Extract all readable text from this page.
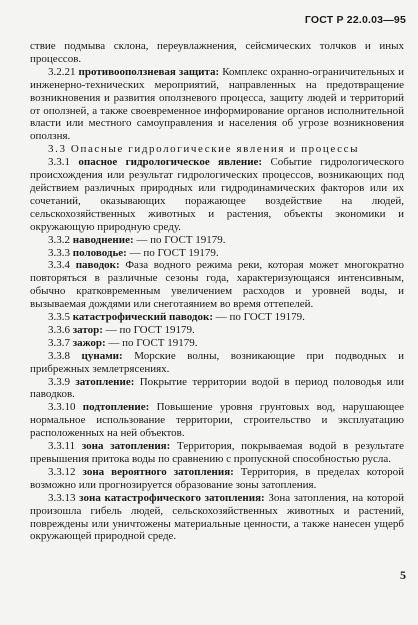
ГОСТ Р 22.0.03—95

ствие подмыва склона, переувлажнения, сейсмических толчков и иных процессов.

3.2.21 противооползневая защита: Комплекс охранно-ограничительных и инженерно-технических мероприятий, направленных на предотвращение возникновения и развития оползневого процесса, защиту людей и территорий от оползней, а также своевременное информирование органов исполнительной власти или местного самоуправления и населения об угрозе возникновения оползня.

3.3 Опасные гидрологические явления и процессы

3.3.1 опасное гидрологическое явление: Событие гидрологического происхождения или результат гидрологических процессов, возникающих под действием различных природных или гидродинамических факторов или их сочетаний, оказывающих поражающее воздействие на людей, сельскохозяйственных животных и растения, объекты экономики и окружающую природную среду.

3.3.2 наводнение: — по ГОСТ 19179.

3.3.3 половодье: — по ГОСТ 19179.

3.3.4 паводок: Фаза водного режима реки, которая может многократно повторяться в различные сезоны года, характеризующаяся интенсивным, обычно кратковременным увеличением расходов и уровней воды, и вызываемая дождями или снеготаянием во время оттепелей.

3.3.5 катастрофический паводок: — по ГОСТ 19179.

3.3.6 затор: — по ГОСТ 19179.

3.3.7 зажор: — по ГОСТ 19179.

3.3.8 цунами: Морские волны, возникающие при подводных и прибрежных землетрясениях.

3.3.9 затопление: Покрытие территории водой в период половодья или паводков.

3.3.10 подтопление: Повышение уровня грунтовых вод, нарушающее нормальное использование территории, строительство и эксплуатацию расположенных на ней объектов.

3.3.11 зона затопления: Территория, покрываемая водой в результате превышения притока воды по сравнению с пропускной способностью русла.

3.3.12 зона вероятного затопления: Территория, в пределах которой возможно или прогнозируется образование зоны затопления.

3.3.13 зона катастрофического затопления: Зона затопления, на которой произошла гибель людей, сельскохозяйственных животных и растений, повреждены или уничтожены материальные ценности, а также нанесен ущерб окружающей природной среде.

5
